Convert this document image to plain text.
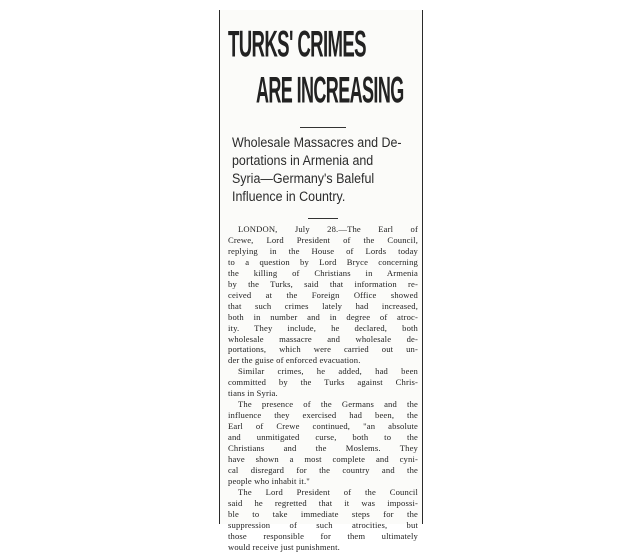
TURKS' CRIMES
ARE INCREASING
Wholesale Massacres and De-
portations in Armenia and
Syria—Germany's Baleful
Influence in Country.
LONDON, July 28.—The Earl of
Crewe, Lord President of the Council,
replying in the House of Lords today
to a question by Lord Bryce concerning
the killing of Christians in Armenia
by the Turks, said that information re-
ceived at the Foreign Office showed
that such crimes lately had increased,
both in number and in degree of atroc-
ity. They include, he declared, both
wholesale massacre and wholesale de-
portations, which were carried out un-
der the guise of enforced evacuation.
Similar crimes, he added, had been
committed by the Turks against Chris-
tians in Syria.
The presence of the Germans and the
influence they exercised had been, the
Earl of Crewe continued, "an absolute
and unmitigated curse, both to the
Christians and the Moslems. They
have shown a most complete and cyni-
cal disregard for the country and the
people who inhabit it."
The Lord President of the Council
said he regretted that it was impossi-
ble to take immediate steps for the
suppression of such atrocities, but
those responsible for them ultimately
would receive just punishment.
